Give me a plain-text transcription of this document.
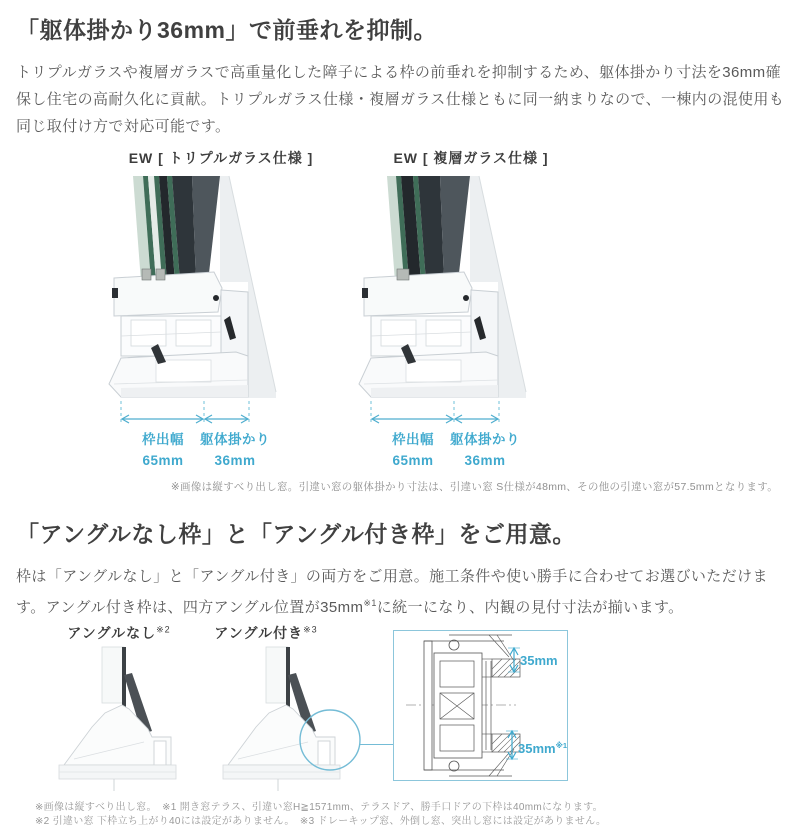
「躯体掛かり36mm」で前垂れを抑制。
トリプルガラスや複層ガラスで高重量化した障子による枠の前垂れを抑制するため、躯体掛かり寸法を36mm確保し住宅の高耐久化に貢献。トリプルガラス仕様・複層ガラス仕様ともに同一納まりなので、一棟内の混使用も同じ取付け方で対応可能です。
EW [ トリプルガラス仕様 ]
枠出幅
65mm
躯体掛かり
36mm
EW [ 複層ガラス仕様 ]
枠出幅
65mm
躯体掛かり
36mm
※画像は縦すべり出し窓。引違い窓の躯体掛かり寸法は、引違い窓 S仕様が48mm、その他の引違い窓が57.5mmとなります。
「アングルなし枠」と「アングル付き枠」をご用意。
枠は「アングルなし」と「アングル付き」の両方をご用意。施工条件や使い勝手に合わせてお選びいただけます。アングル付き枠は、四方アングル位置が35mm$^{※1}$に統一になり、内観の見付寸法が揃います。
アングルなし$^{※2}$	アングル付き$^{※3}$
35mm
$35mm^{※1}$
※画像は縦すべり出し窓。　※1 開き窓テラス、引違い窓H≧1571mm、テラスドア、勝手口ドアの下枠は40mmになります。
※2 引違い窓 下枠立ち上がり40には設定がありません。　※3 ドレーキップ窓、外倒し窓、突出し窓には設定がありません。
